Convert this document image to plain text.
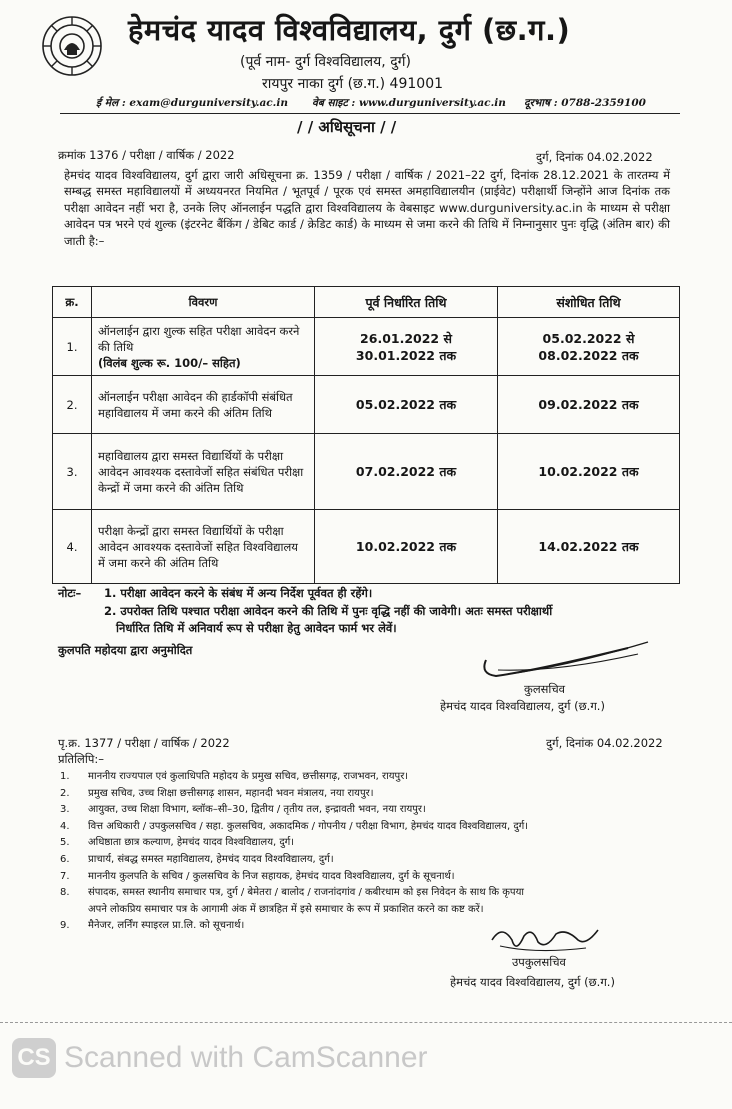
हेमचंद यादव विश्वविद्यालय, दुर्ग (छ.ग.)
(पूर्व नाम- दुर्ग विश्वविद्यालय, दुर्ग)
रायपुर नाका दुर्ग (छ.ग.) 491001
ई मेल : exam@durguniversity.ac.in वेब साइट : www.durguniversity.ac.in दूरभाष : 0788-2359100
/ / अधिसूचना / /
क्रमांक 1376 / परीक्षा / वार्षिक / 2022	दुर्ग, दिनांक 04.02.2022
हेमचंद यादव विश्वविद्यालय, दुर्ग द्वारा जारी अधिसूचना क्र. 1359 / परीक्षा / वार्षिक / 2021–22 दुर्ग, दिनांक 28.12.2021 के तारतम्य में सम्बद्ध समस्त महाविद्यालयों में अध्ययनरत नियमित / भूतपूर्व / पूरक एवं समस्त अमहाविद्यालयीन (प्राईवेट) परीक्षार्थी जिन्होंने आज दिनांक तक परीक्षा आवेदन नहीं भरा है, उनके लिए ऑनलाईन पद्धति द्वारा विश्वविद्यालय के वेबसाइट www.durguniversity.ac.in के माध्यम से परीक्षा आवेदन पत्र भरने एवं शुल्क (इंटरनेट बैंकिंग / डेबिट कार्ड / क्रेडिट कार्ड) के माध्यम से जमा करने की तिथि में निम्नानुसार पुनः वृद्धि (अंतिम बार) की जाती है:–
क्र.	विवरण	पूर्व निर्धारित तिथि	संशोधित तिथि
1.	ऑनलाईन द्वारा शुल्क सहित परीक्षा आवेदन करने की तिथि
(विलंब शुल्क रू. 100/– सहित)	26.01.2022 से 30.01.2022 तक	05.02.2022 से 08.02.2022 तक
2.	ऑनलाईन परीक्षा आवेदन की हार्डकॉपी संबंधित महाविद्यालय में जमा करने की अंतिम तिथि	05.02.2022 तक	09.02.2022 तक
3.	महाविद्यालय द्वारा समस्त विद्यार्थियों के परीक्षा आवेदन आवश्यक दस्तावेजों सहित संबंधित परीक्षा केन्द्रों में जमा करने की अंतिम तिथि	07.02.2022 तक	10.02.2022 तक
4.	परीक्षा केन्द्रों द्वारा समस्त विद्यार्थियों के परीक्षा आवेदन आवश्यक दस्तावेजों सहित विश्वविद्यालय में जमा करने की अंतिम तिथि	10.02.2022 तक	14.02.2022 तक
नोटः– 1. परीक्षा आवेदन करने के संबंध में अन्य निर्देश पूर्ववत ही रहेंगे।
2. उपरोक्त तिथि पश्चात परीक्षा आवेदन करने की तिथि में पुनः वृद्धि नहीं की जावेगी। अतः समस्त परीक्षार्थी
निर्धारित तिथि में अनिवार्य रूप से परीक्षा हेतु आवेदन फार्म भर लेवें।
कुलपति महोदया द्वारा अनुमोदित
कुलसचिव
हेमचंद यादव विश्वविद्यालय, दुर्ग (छ.ग.)
पृ.क्र. 1377 / परीक्षा / वार्षिक / 2022	दुर्ग, दिनांक 04.02.2022
प्रतिलिपि:–
1. माननीय राज्यपाल एवं कुलाधिपति महोदय के प्रमुख सचिव, छत्तीसगढ़, राजभवन, रायपुर।
2. प्रमुख सचिव, उच्च शिक्षा छत्तीसगढ़ शासन, महानदी भवन मंत्रालय, नया रायपुर।
3. आयुक्त, उच्च शिक्षा विभाग, ब्लॉक–सी–30, द्वितीय / तृतीय तल, इन्द्रावती भवन, नया रायपुर।
4. वित्त अधिकारी / उपकुलसचिव / सहा. कुलसचिव, अकादमिक / गोपनीय / परीक्षा विभाग, हेमचंद यादव विश्वविद्यालय, दुर्ग।
5. अधिष्ठाता छात्र कल्याण, हेमचंद यादव विश्वविद्यालय, दुर्ग।
6. प्राचार्य, संबद्ध समस्त महाविद्यालय, हेमचंद यादव विश्वविद्यालय, दुर्ग।
7. माननीय कुलपति के सचिव / कुलसचिव के निज सहायक, हेमचंद यादव विश्वविद्यालय, दुर्ग के सूचनार्थ।
8. संपादक, समस्त स्थानीय समाचार पत्र, दुर्ग / बेमेतरा / बालोद / राजनांदगांव / कबीरधाम को इस निवेदन के साथ कि कृपया
अपने लोकप्रिय समाचार पत्र के आगामी अंक में छात्रहित में इसे समाचार के रूप में प्रकाशित करने का कष्ट करें।
9. मैनेजर, लर्निंग स्पाइरल प्रा.लि. को सूचनार्थ।
उपकुलसचिव
हेमचंद यादव विश्वविद्यालय, दुर्ग (छ.ग.)
CS Scanned with CamScanner
